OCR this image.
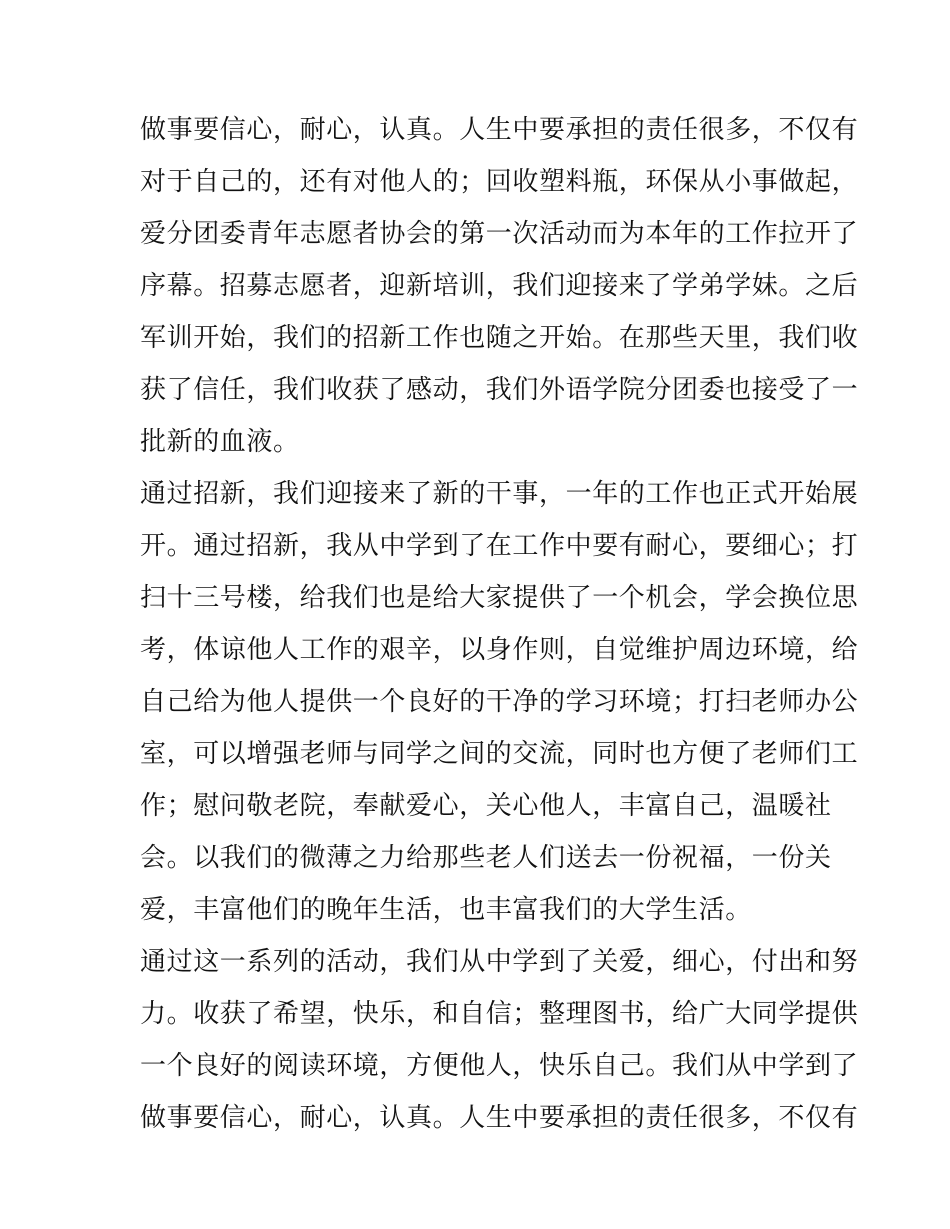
做事要信心，耐心，认真。人生中要承担的责任很多，不仅有
对于自己的，还有对他人的；回收塑料瓶，环保从小事做起，
爱分团委青年志愿者协会的第一次活动而为本年的工作拉开了
序幕。招募志愿者，迎新培训，我们迎接来了学弟学妹。之后
军训开始，我们的招新工作也随之开始。在那些天里，我们收
获了信任，我们收获了感动，我们外语学院分团委也接受了一
批新的血液。
通过招新，我们迎接来了新的干事，一年的工作也正式开始展
开。通过招新，我从中学到了在工作中要有耐心，要细心；打
扫十三号楼，给我们也是给大家提供了一个机会，学会换位思
考，体谅他人工作的艰辛，以身作则，自觉维护周边环境，给
自己给为他人提供一个良好的干净的学习环境；打扫老师办公
室，可以增强老师与同学之间的交流，同时也方便了老师们工
作；慰问敬老院，奉献爱心，关心他人，丰富自己，温暖社
会。以我们的微薄之力给那些老人们送去一份祝福，一份关
爱，丰富他们的晚年生活，也丰富我们的大学生活。
通过这一系列的活动，我们从中学到了关爱，细心，付出和努
力。收获了希望，快乐，和自信；整理图书，给广大同学提供
一个良好的阅读环境，方便他人，快乐自己。我们从中学到了
做事要信心，耐心，认真。人生中要承担的责任很多，不仅有
